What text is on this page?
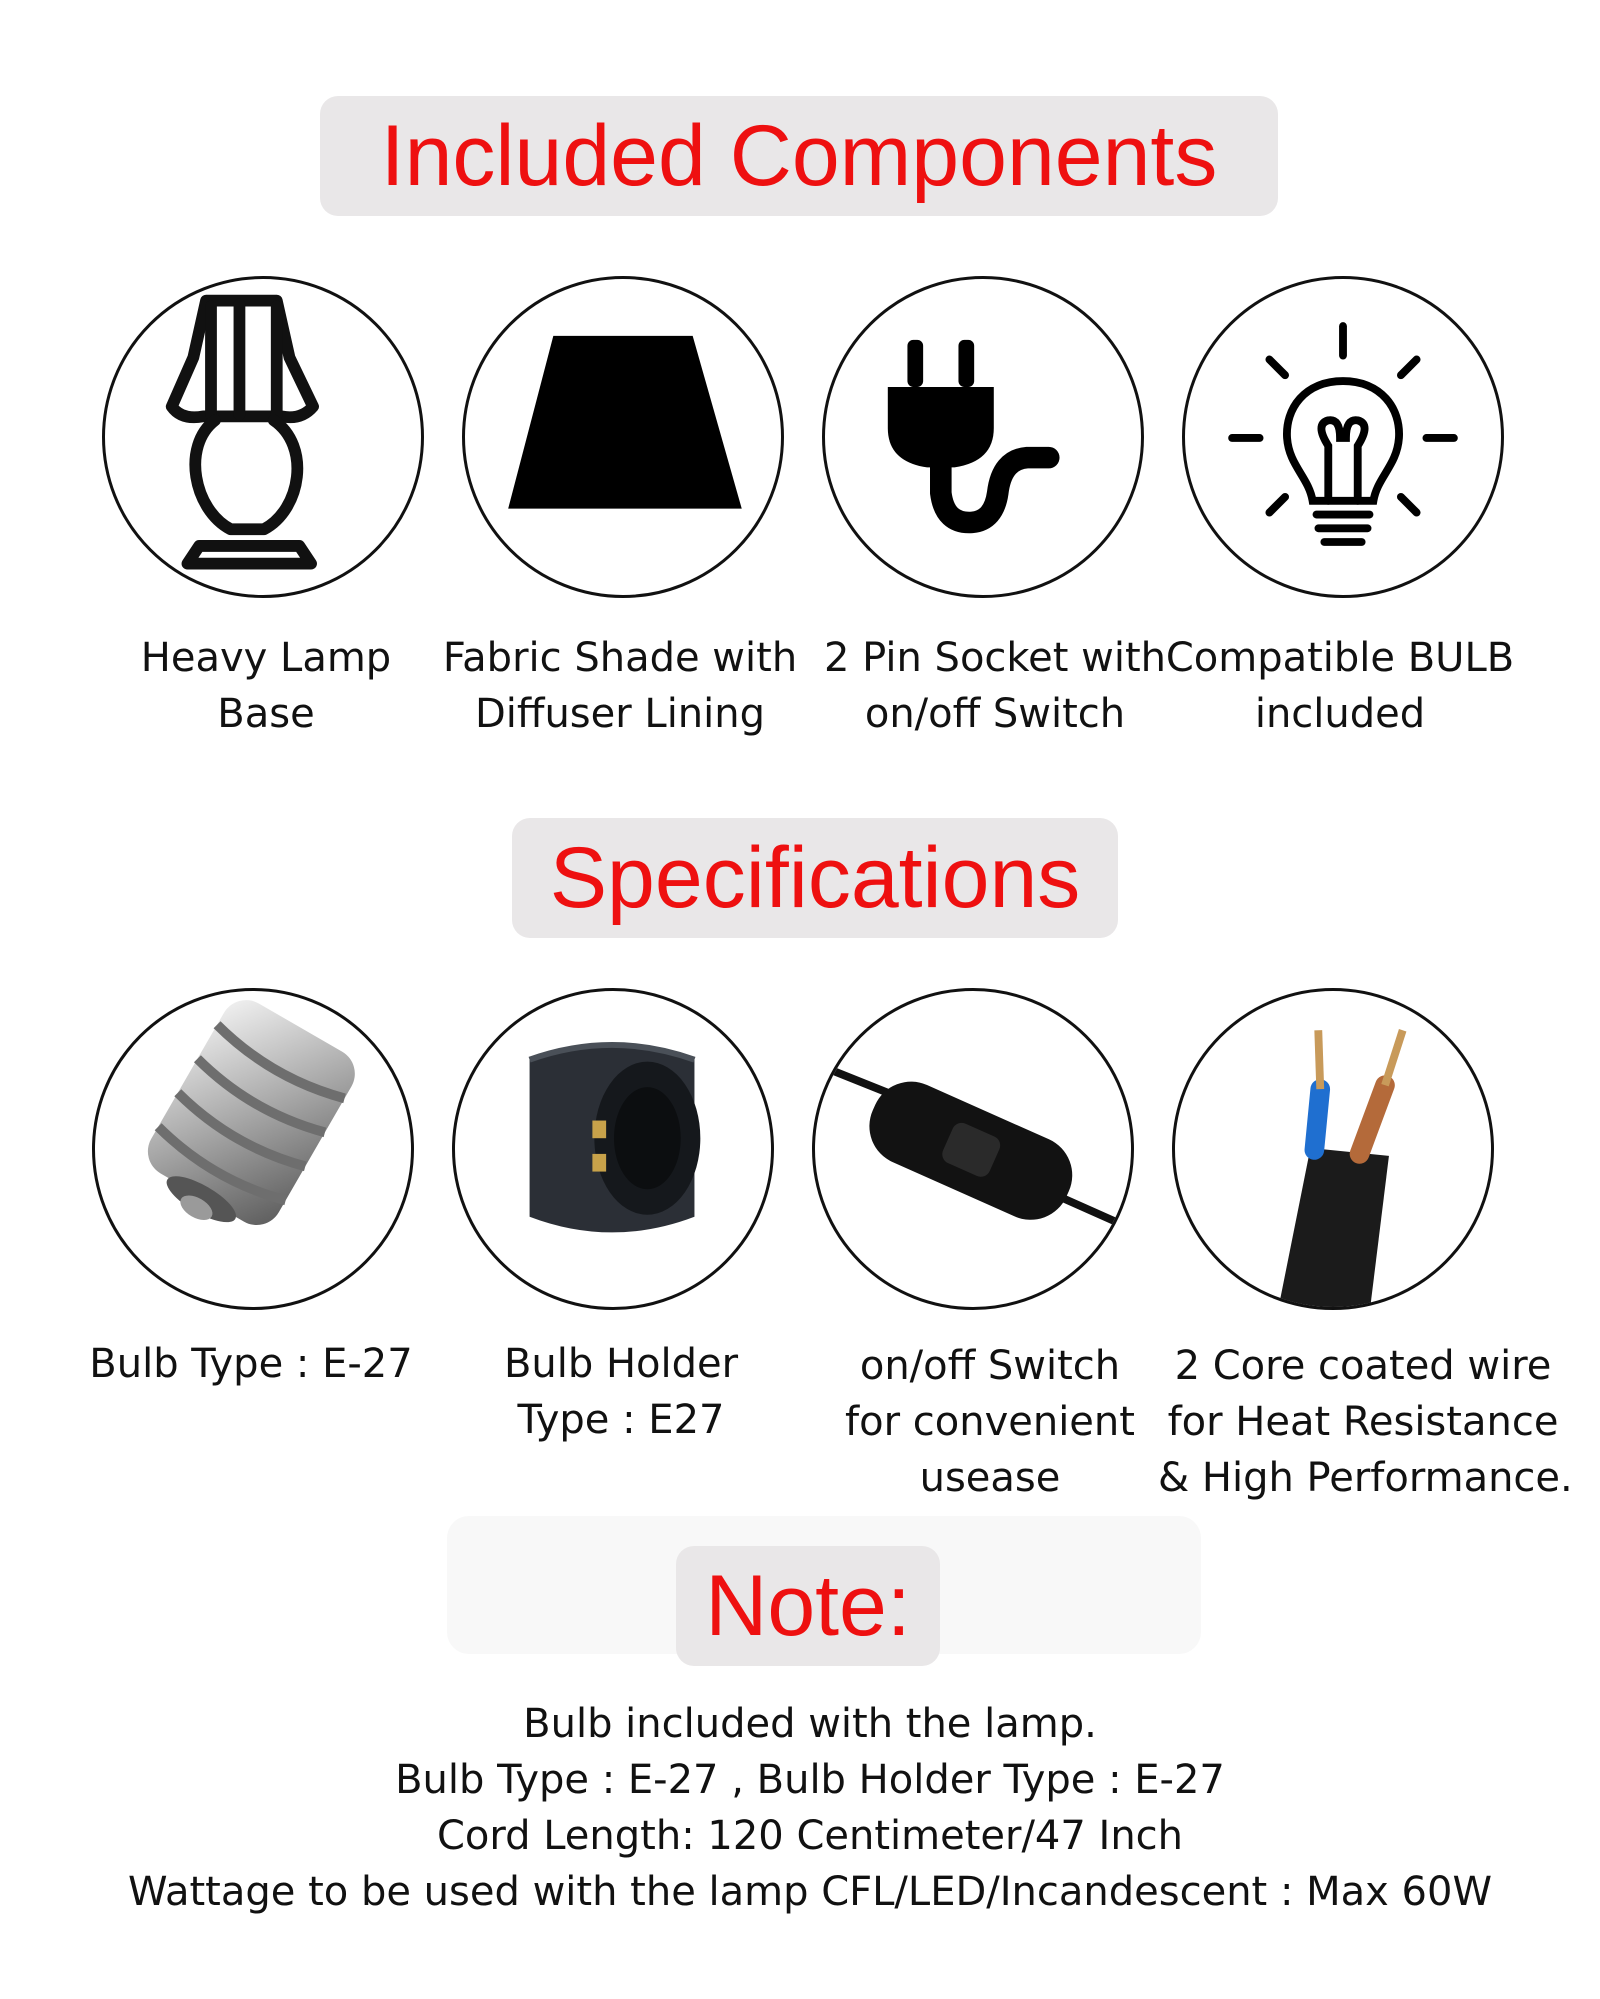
Included Components
Heavy Lamp
Base
Fabric Shade with
Diffuser Lining
2 Pin Socket with
on/off Switch
Compatible BULB
included
Specifications
Bulb Type : E-27	Bulb Holder
Type : E27
on/off Switch
for convenient
usease
2 Core coated wire
for Heat Resistance
& High Performance.
Note:
Bulb included with the lamp.
Bulb Type : E-27 , Bulb Holder Type : E-27
Cord Length: 120 Centimeter/47 Inch
Wattage to be used with the lamp CFL/LED/Incandescent : Max 60W
